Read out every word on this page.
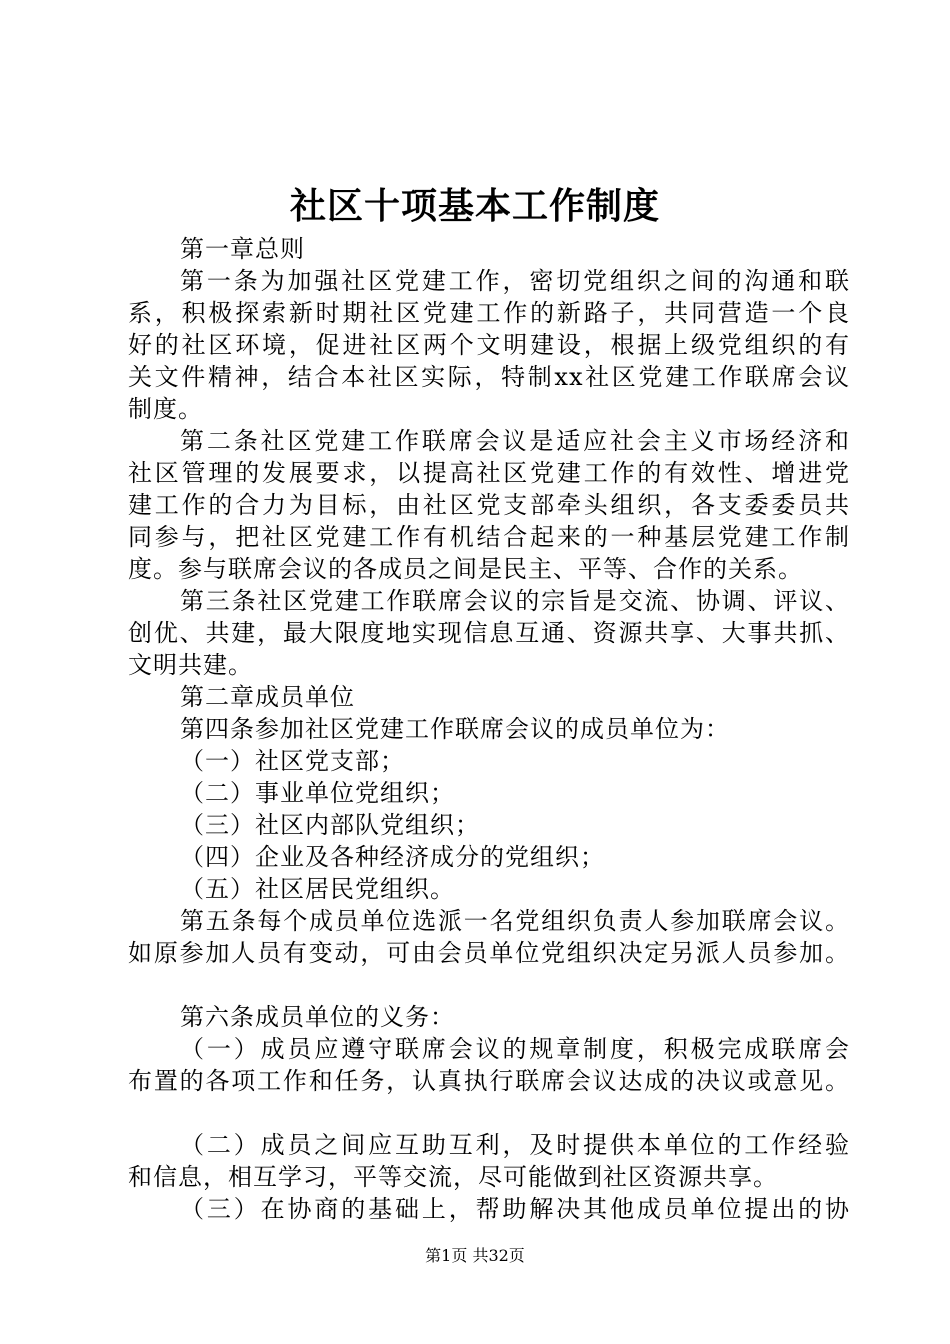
社区十项基本工作制度
第一章总则
第一条为加强社区党建工作，密切党组织之间的沟通和联
系，积极探索新时期社区党建工作的新路子，共同营造一个良
好的社区环境，促进社区两个文明建设，根据上级党组织的有
关文件精神，结合本社区实际，特制xx社区党建工作联席会议
制度。
第二条社区党建工作联席会议是适应社会主义市场经济和
社区管理的发展要求，以提高社区党建工作的有效性、增进党
建工作的合力为目标，由社区党支部牵头组织，各支委委员共
同参与，把社区党建工作有机结合起来的一种基层党建工作制
度。参与联席会议的各成员之间是民主、平等、合作的关系。
第三条社区党建工作联席会议的宗旨是交流、协调、评议、
创优、共建，最大限度地实现信息互通、资源共享、大事共抓、
文明共建。
第二章成员单位
第四条参加社区党建工作联席会议的成员单位为：
（一）社区党支部；
（二）事业单位党组织；
（三）社区内部队党组织；
（四）企业及各种经济成分的党组织；
（五）社区居民党组织。
第五条每个成员单位选派一名党组织负责人参加联席会议。
如原参加人员有变动，可由会员单位党组织决定另派人员参加。
第六条成员单位的义务：
（一）成员应遵守联席会议的规章制度，积极完成联席会
布置的各项工作和任务，认真执行联席会议达成的决议或意见。
（二）成员之间应互助互利，及时提供本单位的工作经验
和信息，相互学习，平等交流，尽可能做到社区资源共享。
（三）在协商的基础上，帮助解决其他成员单位提出的协
第1页 共32页
